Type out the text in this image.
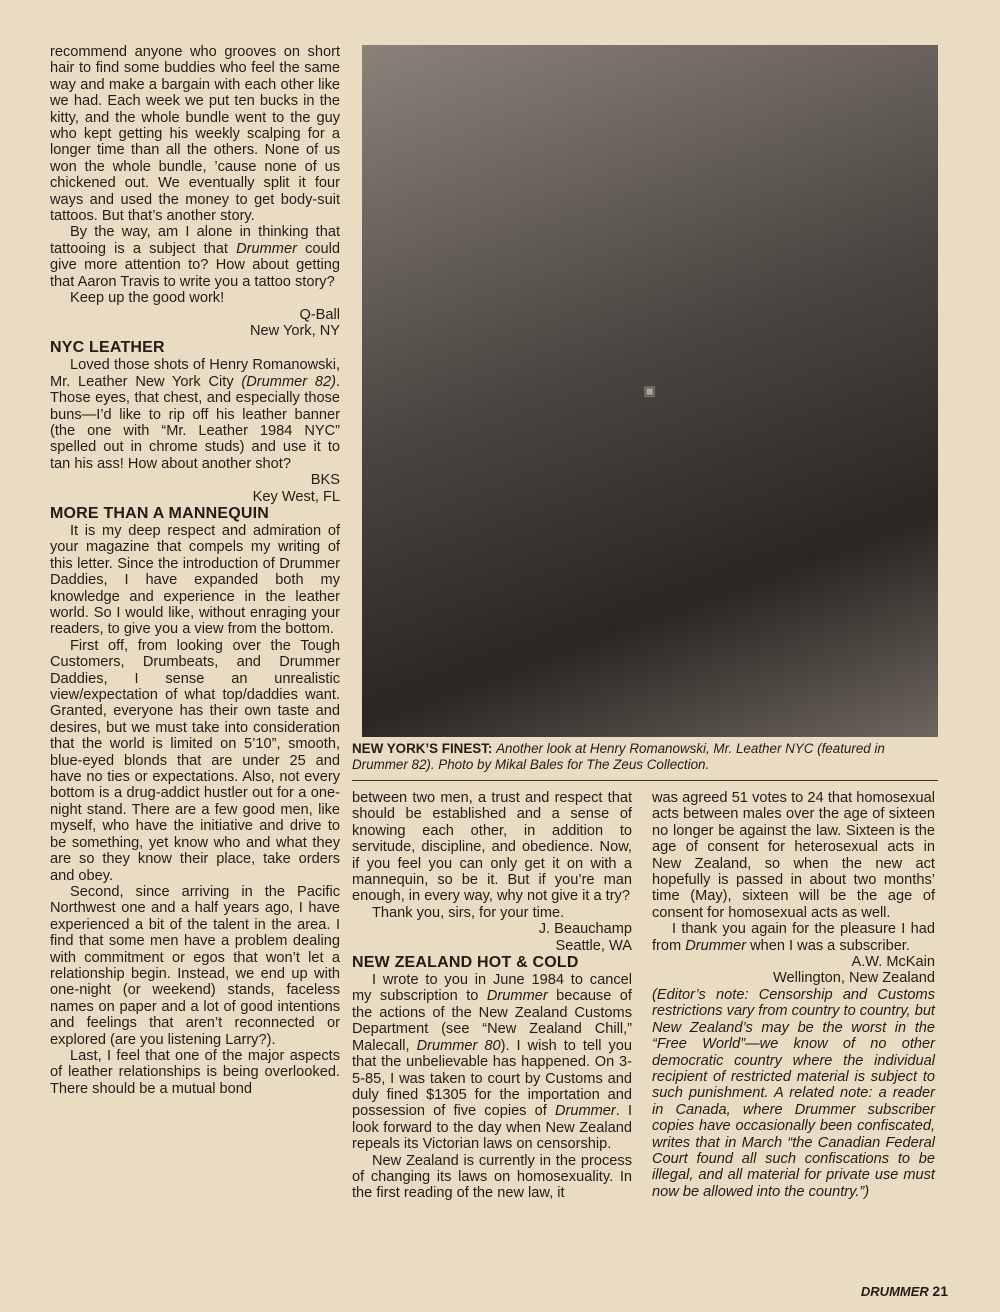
recommend anyone who grooves on short hair to find some buddies who feel the same way and make a bargain with each other like we had. Each week we put ten bucks in the kitty, and the whole bundle went to the guy who kept getting his weekly scalping for a longer time than all the others. None of us won the whole bundle, ’cause none of us chickened out. We eventually split it four ways and used the money to get body-suit tattoos. But that’s another story.

By the way, am I alone in thinking that tattooing is a subject that Drummer could give more attention to? How about getting that Aaron Travis to write you a tattoo story?

Keep up the good work!

Q-Ball

New York, NY

NYC LEATHER

Loved those shots of Henry Romanowski, Mr. Leather New York City (Drummer 82). Those eyes, that chest, and especially those buns—I’d like to rip off his leather banner (the one with “Mr. Leather 1984 NYC” spelled out in chrome studs) and use it to tan his ass! How about another shot?

BKS

Key West, FL

MORE THAN A MANNEQUIN

It is my deep respect and admiration of your magazine that compels my writing of this letter. Since the introduction of Drummer Daddies, I have expanded both my knowledge and experience in the leather world. So I would like, without enraging your readers, to give you a view from the bottom.

First off, from looking over the Tough Customers, Drumbeats, and Drummer Daddies, I sense an unrealistic view/expectation of what top/daddies want. Granted, everyone has their own taste and desires, but we must take into consideration that the world is limited on 5’10”, smooth, blue-eyed blonds that are under 25 and have no ties or expectations. Also, not every bottom is a drug-addict hustler out for a one-night stand. There are a few good men, like myself, who have the initiative and drive to be something, yet know who and what they are so they know their place, take orders and obey.

Second, since arriving in the Pacific Northwest one and a half years ago, I have experienced a bit of the talent in the area. I find that some men have a problem dealing with commitment or egos that won’t let a relationship begin. Instead, we end up with one-night (or weekend) stands, faceless names on paper and a lot of good intentions and feelings that aren’t reconnected or explored (are you listening Larry?).

Last, I feel that one of the major aspects of leather relationships is being overlooked. There should be a mutual bond

▣
NEW YORK’S FINEST: Another look at Henry Romanowski, Mr. Leather NYC (featured in Drummer 82). Photo by Mikal Bales for The Zeus Collection.

between two men, a trust and respect that should be established and a sense of knowing each other, in addition to servitude, discipline, and obedience. Now, if you feel you can only get it on with a mannequin, so be it. But if you’re man enough, in every way, why not give it a try?

Thank you, sirs, for your time.

J. Beauchamp

Seattle, WA

NEW ZEALAND HOT & COLD

I wrote to you in June 1984 to cancel my subscription to Drummer because of the actions of the New Zealand Customs Department (see “New Zealand Chill,” Malecall, Drummer 80). I wish to tell you that the unbelievable has happened. On 3-5-85, I was taken to court by Customs and duly fined $1305 for the importation and possession of five copies of Drummer. I look forward to the day when New Zealand repeals its Victorian laws on censorship.

New Zealand is currently in the process of changing its laws on homosexuality. In the first reading of the new law, it

was agreed 51 votes to 24 that homosexual acts between males over the age of sixteen no longer be against the law. Sixteen is the age of consent for heterosexual acts in New Zealand, so when the new act hopefully is passed in about two months’ time (May), sixteen will be the age of consent for homosexual acts as well.

I thank you again for the pleasure I had from Drummer when I was a subscriber.

A.W. McKain

Wellington, New Zealand

(Editor’s note: Censorship and Customs restrictions vary from country to country, but New Zealand’s may be the worst in the “Free World”—we know of no other democratic country where the individual recipient of restricted material is subject to such punishment. A related note: a reader in Canada, where Drummer subscriber copies have occasionally been confiscated, writes that in March “the Canadian Federal Court found all such confiscations to be illegal, and all material for private use must now be allowed into the country.”)

DRUMMER 21
